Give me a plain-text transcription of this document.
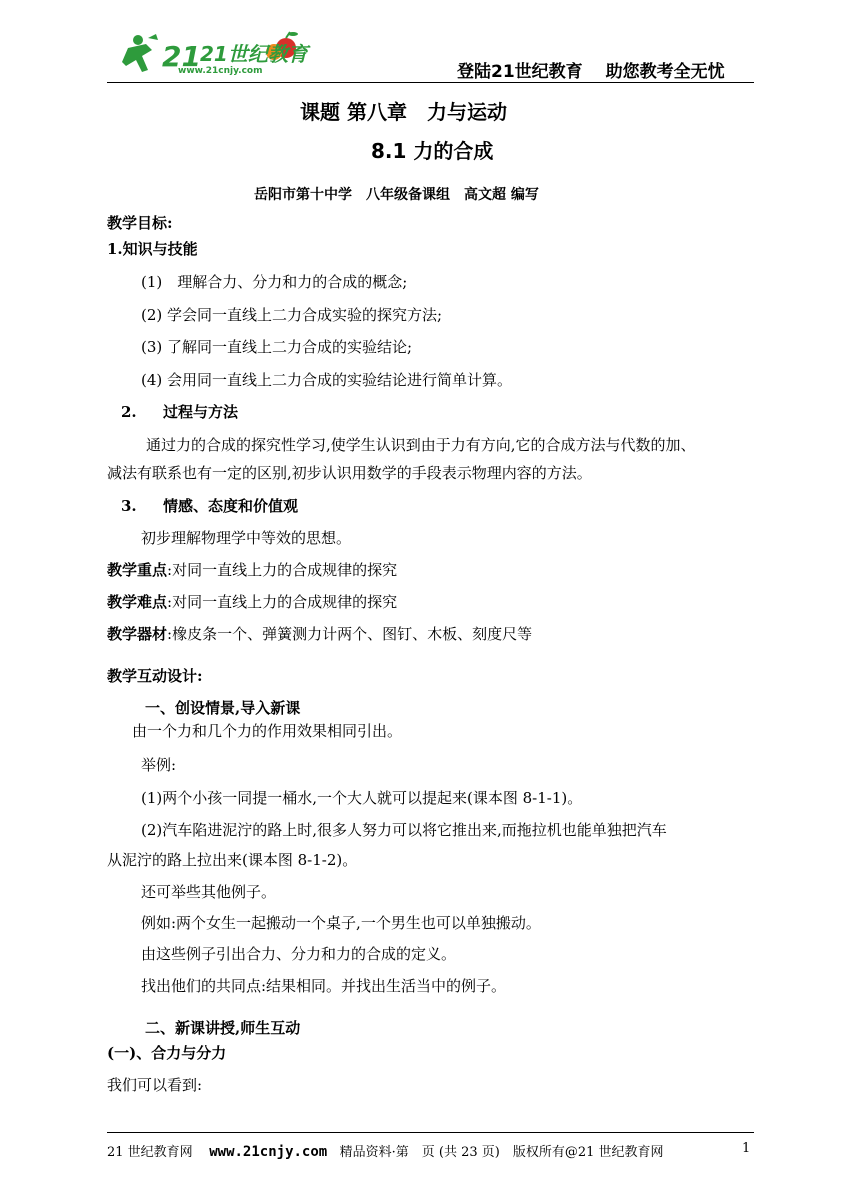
21 21世纪教育
www.21cnjy.com	登陆21世纪教育　 助您教考全无忧
课题 第八章　力与运动
8.1 力的合成
岳阳市第十中学　八年级备课组　高文超 编写
教学目标:
1.知识与技能
(1)　理解合力、分力和力的合成的概念;
(2) 学会同一直线上二力合成实验的探究方法;
(3) 了解同一直线上二力合成的实验结论;
(4) 会用同一直线上二力合成的实验结论进行简单计算。
2. 过程与方法
通过力的合成的探究性学习,使学生认识到由于力有方向,它的合成方法与代数的加、
减法有联系也有一定的区别,初步认识用数学的手段表示物理内容的方法。
3. 情感、态度和价值观
初步理解物理学中等效的思想。
教学重点:对同一直线上力的合成规律的探究
教学难点:对同一直线上力的合成规律的探究
教学器材:橡皮条一个、弹簧测力计两个、图钉、木板、刻度尺等
教学互动设计:
一、创设情景,导入新课
由一个力和几个力的作用效果相同引出。
举例:
(1)两个小孩一同提一桶水,一个大人就可以提起来(课本图 8-1-1)。
(2)汽车陷进泥泞的路上时,很多人努力可以将它推出来,而拖拉机也能单独把汽车
从泥泞的路上拉出来(课本图 8-1-2)。
还可举些其他例子。
例如:两个女生一起搬动一个桌子,一个男生也可以单独搬动。
由这些例子引出合力、分力和力的合成的定义。
找出他们的共同点:结果相同。并找出生活当中的例子。
二、新课讲授,师生互动
(一)、合力与分力
我们可以看到:
21 世纪教育网 www.21cnjy.com 精品资料·第　页 (共 23 页)　版权所有@21 世纪教育网	1
